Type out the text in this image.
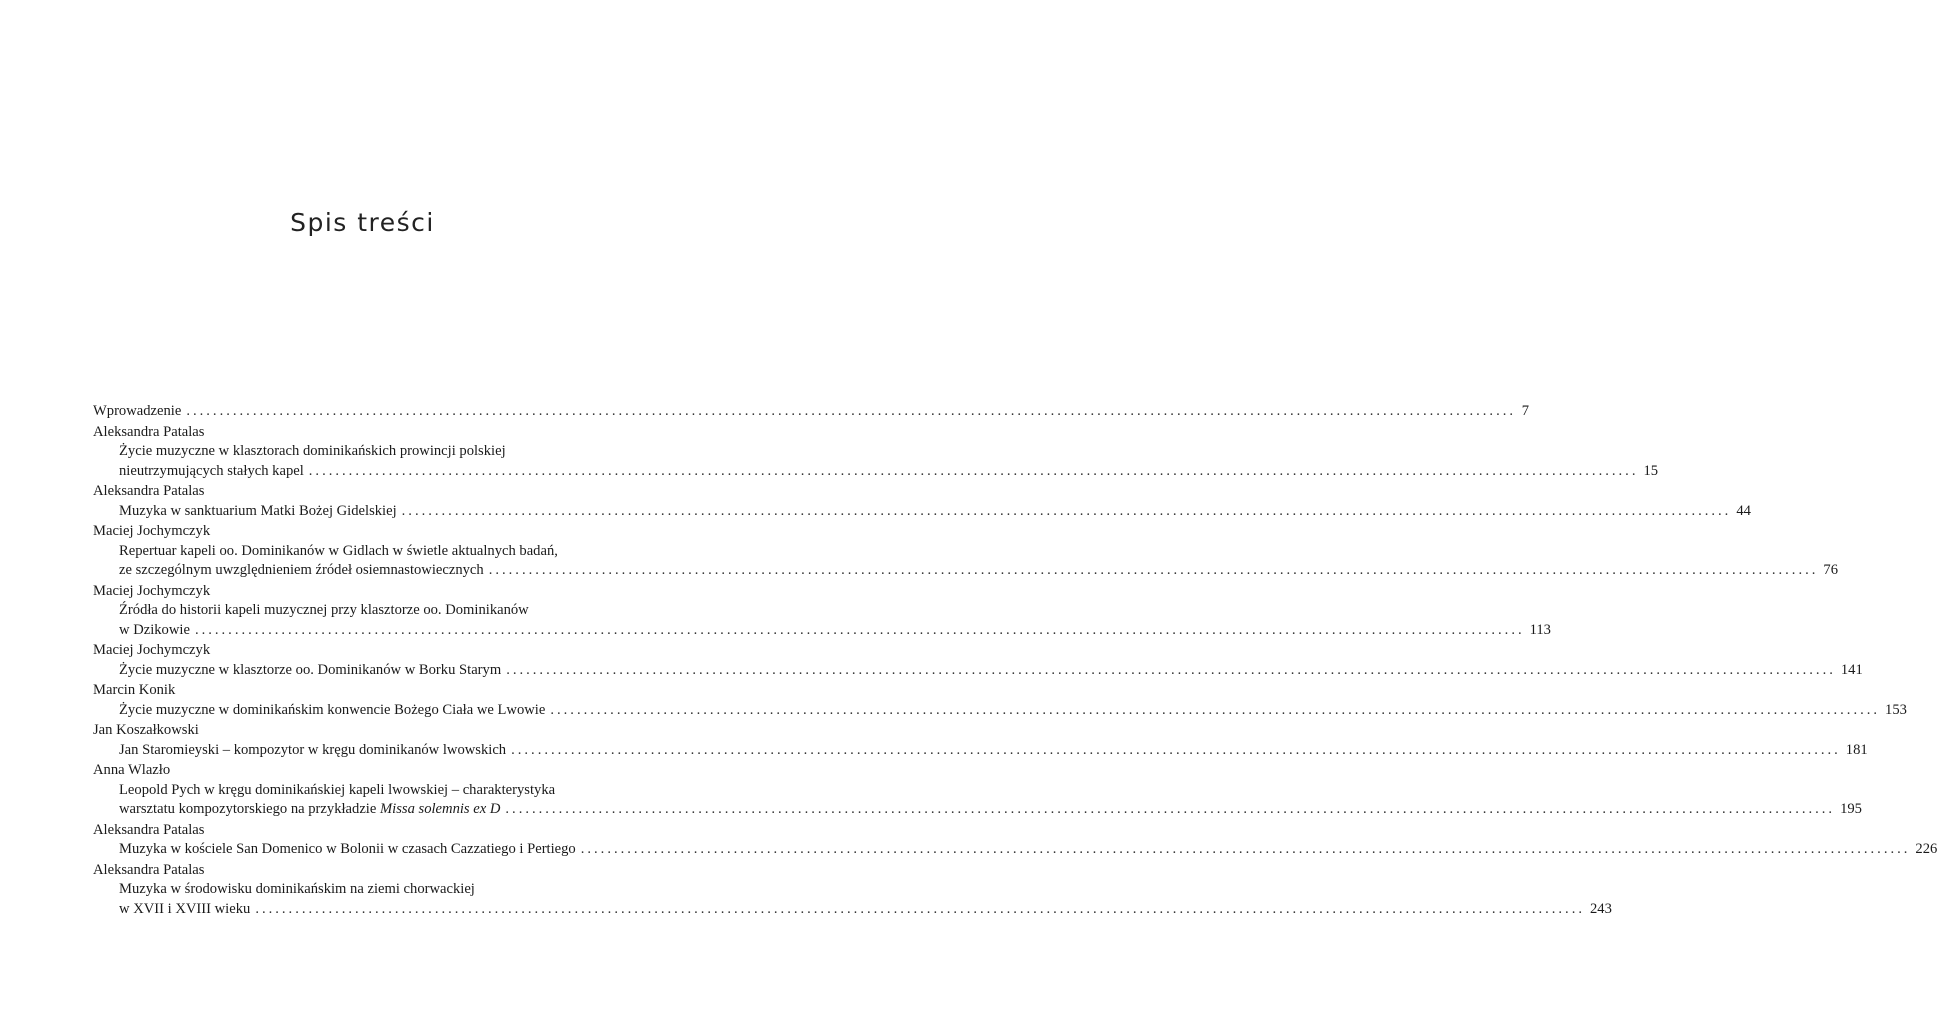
Spis treści
Wprowadzenie ........................................................................................................................................................................................................ 7
Aleksandra Patalas
Życie muzyczne w klasztorach dominikańskich prowincji polskiej
nieutrzymujących stałych kapel ........................................................................................................................................................................................................ 15
Aleksandra Patalas
Muzyka w sanktuarium Matki Bożej Gidelskiej ........................................................................................................................................................................................................ 44
Maciej Jochymczyk
Repertuar kapeli oo. Dominikanów w Gidlach w świetle aktualnych badań,
ze szczególnym uwzględnieniem źródeł osiemnastowiecznych ........................................................................................................................................................................................................ 76
Maciej Jochymczyk
Źródła do historii kapeli muzycznej przy klasztorze oo. Dominikanów
w Dzikowie ........................................................................................................................................................................................................ 113
Maciej Jochymczyk
Życie muzyczne w klasztorze oo. Dominikanów w Borku Starym ........................................................................................................................................................................................................ 141
Marcin Konik
Życie muzyczne w dominikańskim konwencie Bożego Ciała we Lwowie ........................................................................................................................................................................................................ 153
Jan Koszałkowski
Jan Staromieyski – kompozytor w kręgu dominikanów lwowskich ........................................................................................................................................................................................................ 181
Anna Wlazło
Leopold Pych w kręgu dominikańskiej kapeli lwowskiej – charakterystyka
warsztatu kompozytorskiego na przykładzie Missa solemnis ex D ........................................................................................................................................................................................................ 195
Aleksandra Patalas
Muzyka w kościele San Domenico w Bolonii w czasach Cazzatiego i Pertiego ........................................................................................................................................................................................................ 226
Aleksandra Patalas
Muzyka w środowisku dominikańskim na ziemi chorwackiej
w XVII i XVIII wieku ........................................................................................................................................................................................................ 243
